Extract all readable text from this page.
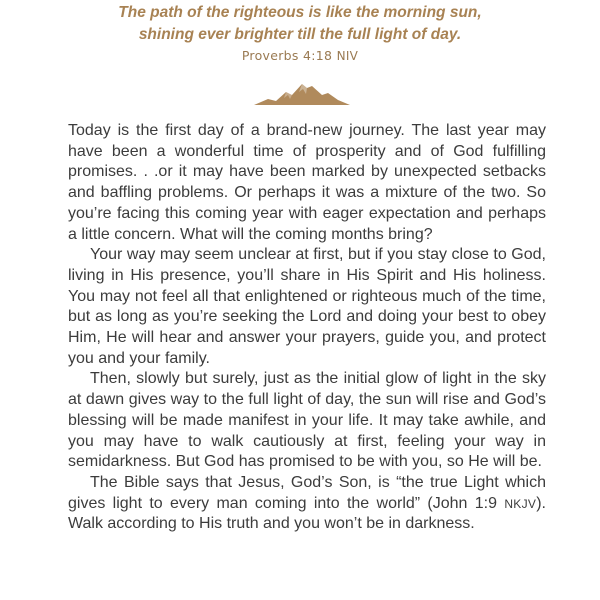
The path of the righteous is like the morning sun,

shining ever brighter till the full light of day.

Proverbs 4:18 NIV

Today is the first day of a brand-new journey. The last year may have been a wonderful time of prosperity and of God fulfilling promises. . .or it may have been marked by unexpected setbacks and baffling problems. Or perhaps it was a mixture of the two. So you’re facing this coming year with eager expectation and perhaps a little concern. What will the coming months bring?

Your way may seem unclear at first, but if you stay close to God, living in His presence, you’ll share in His Spirit and His holiness. You may not feel all that enlightened or righteous much of the time, but as long as you’re seeking the Lord and doing your best to obey Him, He will hear and answer your prayers, guide you, and protect you and your family.

Then, slowly but surely, just as the initial glow of light in the sky at dawn gives way to the full light of day, the sun will rise and God’s blessing will be made manifest in your life. It may take awhile, and you may have to walk cautiously at first, feeling your way in semidarkness. But God has promised to be with you, so He will be.

The Bible says that Jesus, God’s Son, is “the true Light which gives light to every man coming into the world” (John 1:9 NKJV). Walk according to His truth and you won’t be in darkness.
